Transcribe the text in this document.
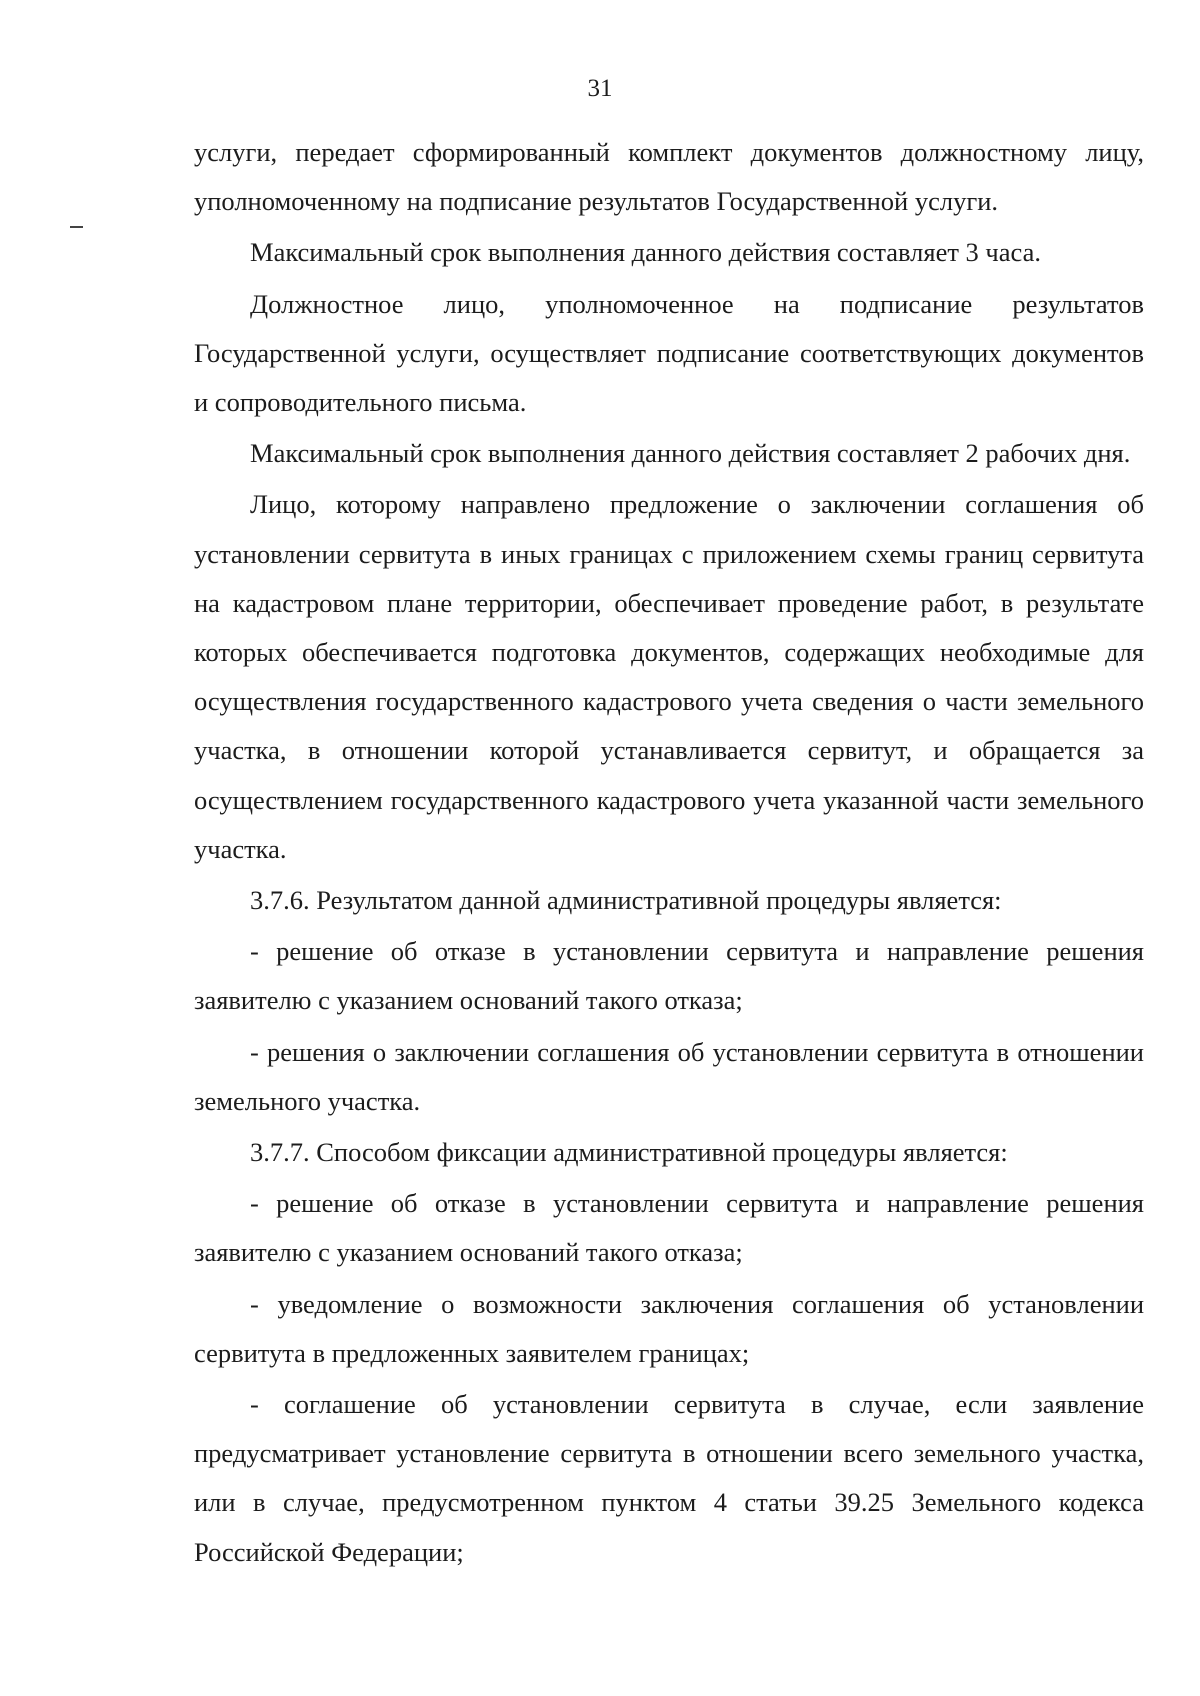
31

услуги, передает сформированный комплект документов должностному лицу, уполномоченному на подписание результатов Государственной услуги.

Максимальный срок выполнения данного действия составляет 3 часа.

Должностное лицо, уполномоченное на подписание результатов Государственной услуги, осуществляет подписание соответствующих документов и сопроводительного письма.

Максимальный срок выполнения данного действия составляет 2 рабочих дня.

Лицо, которому направлено предложение о заключении соглашения об установлении сервитута в иных границах с приложением схемы границ сервитута на кадастровом плане территории, обеспечивает проведение работ, в результате которых обеспечивается подготовка документов, содержащих необходимые для осуществления государственного кадастрового учета сведения о части земельного участка, в отношении которой устанавливается сервитут, и обращается за осуществлением государственного кадастрового учета указанной части земельного участка.

3.7.6. Результатом данной административной процедуры является:

- решение об отказе в установлении сервитута и направление решения заявителю с указанием оснований такого отказа;

- решения о заключении соглашения об установлении сервитута в отношении земельного участка.

3.7.7. Способом фиксации административной процедуры является:

- решение об отказе в установлении сервитута и направление решения заявителю с указанием оснований такого отказа;

- уведомление о возможности заключения соглашения об установлении сервитута в предложенных заявителем границах;

- соглашение об установлении сервитута в случае, если заявление предусматривает установление сервитута в отношении всего земельного участка, или в случае, предусмотренном пунктом 4 статьи 39.25 Земельного кодекса Российской Федерации;
